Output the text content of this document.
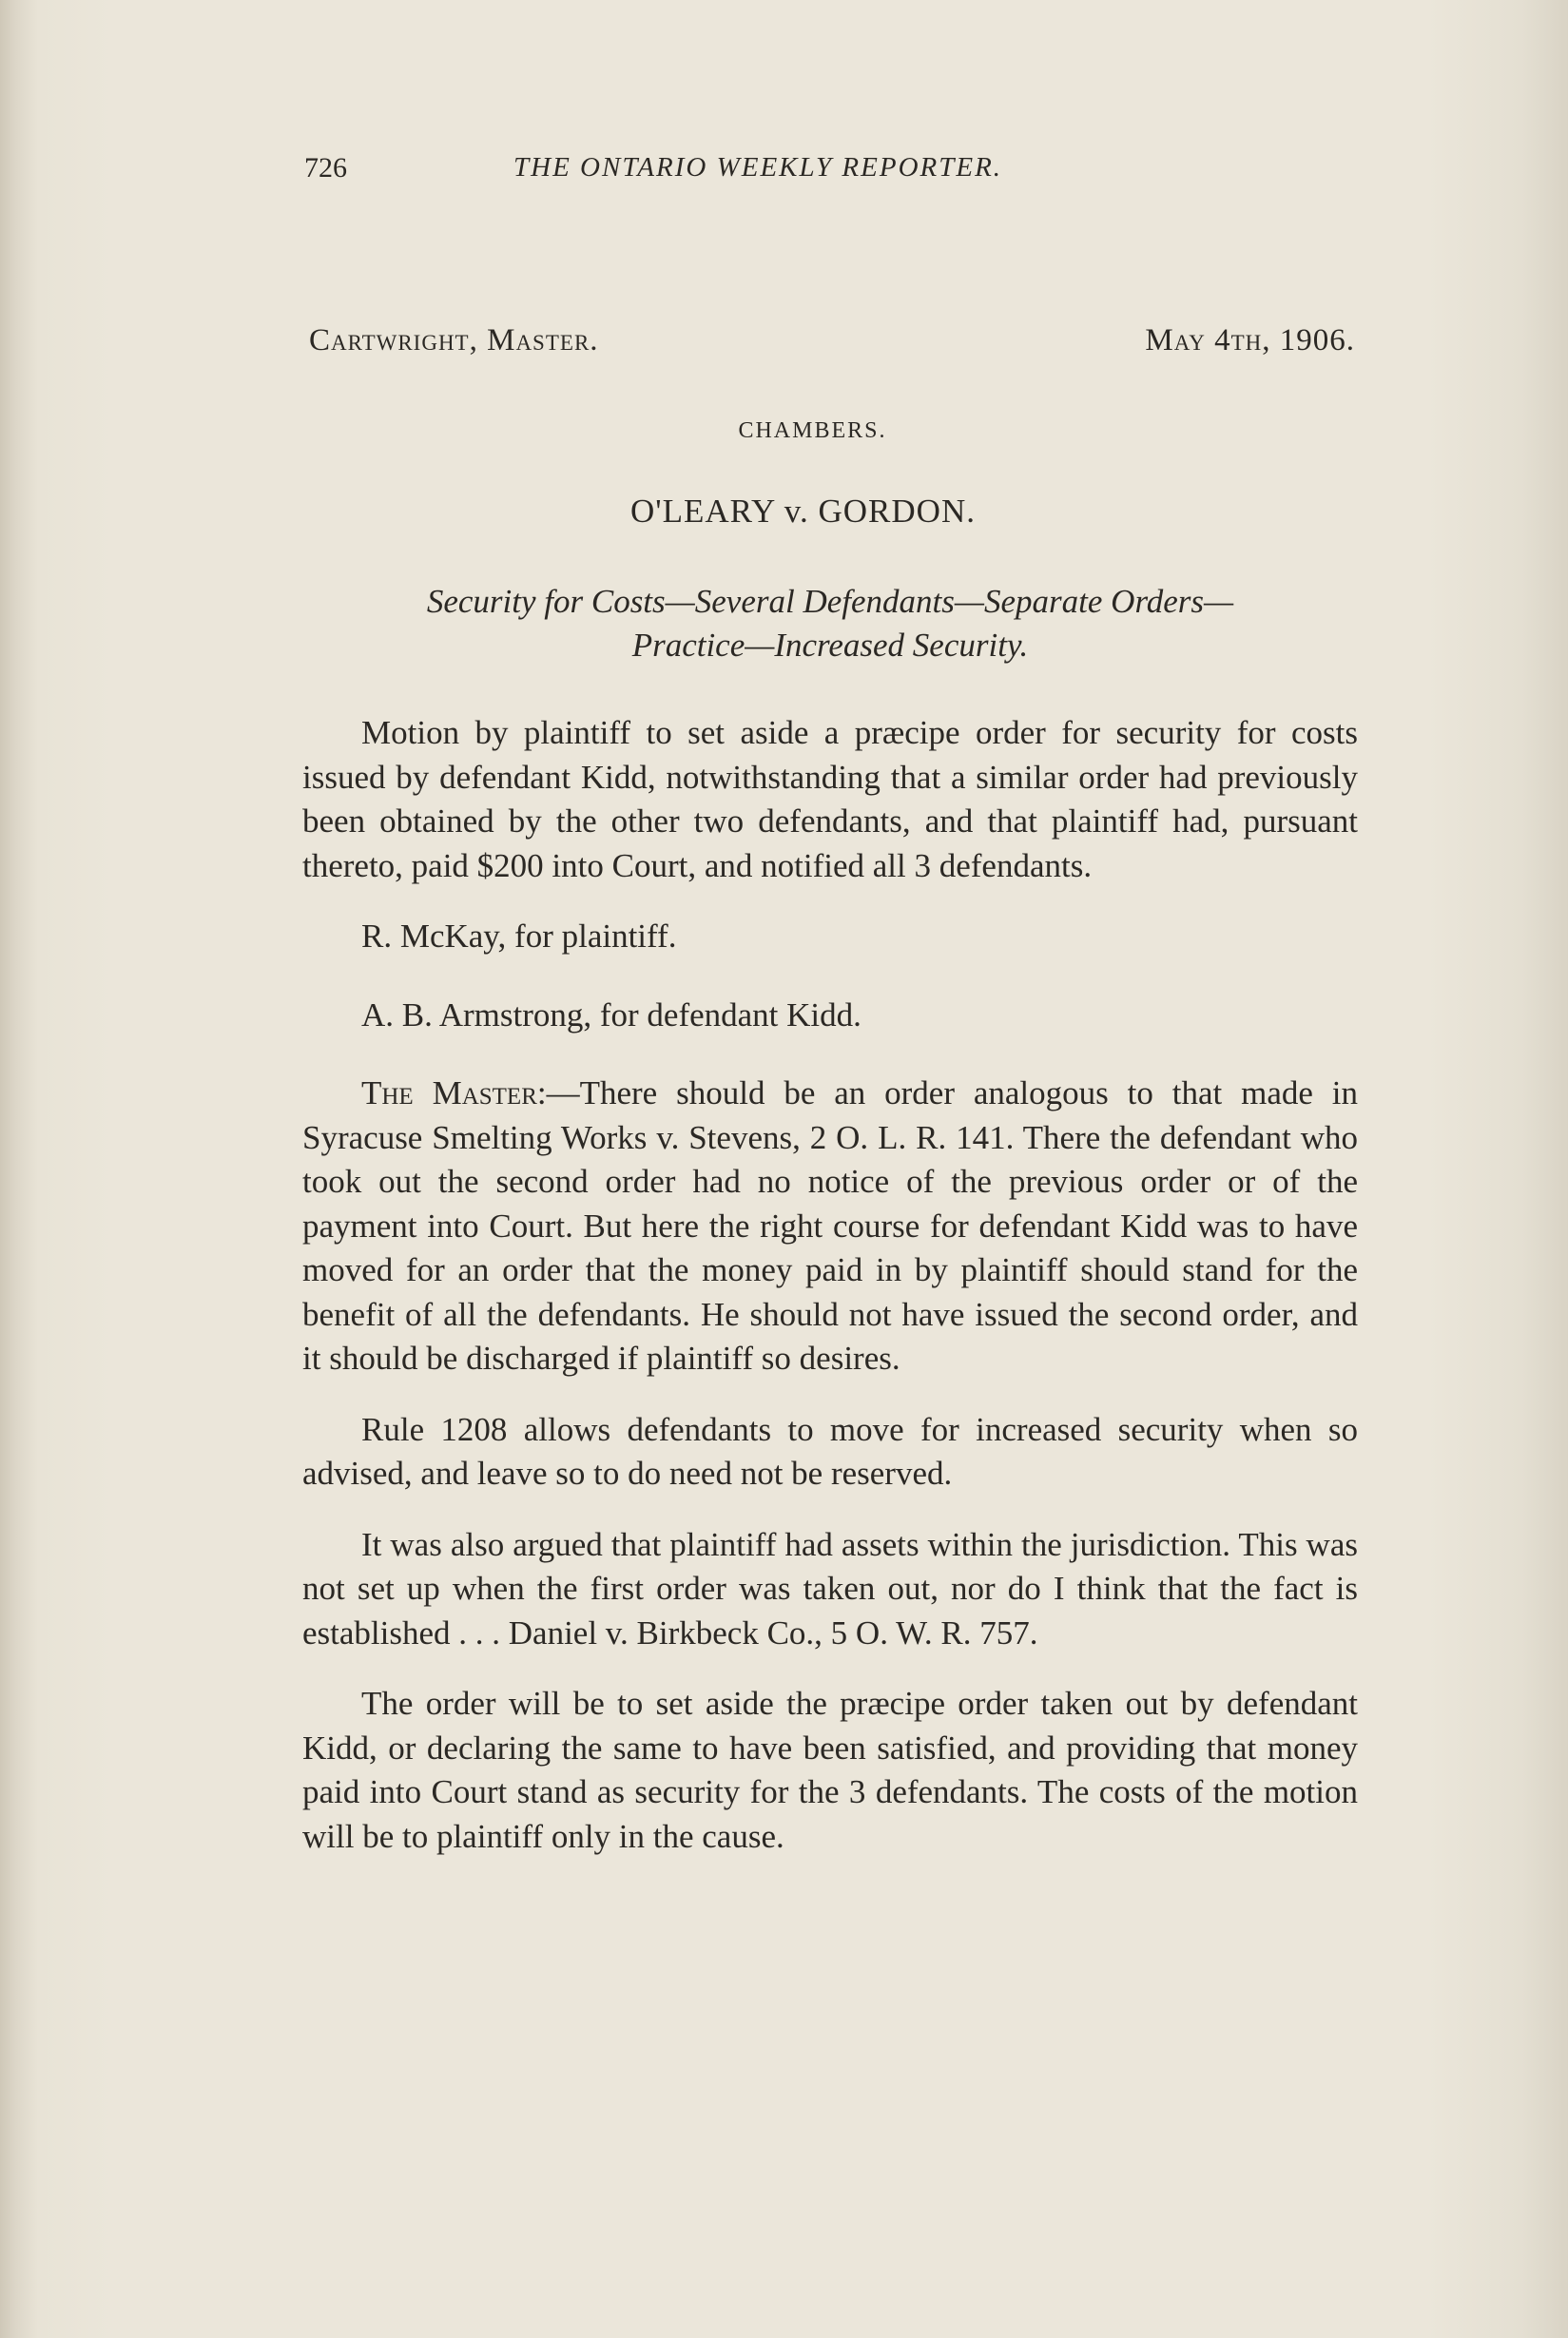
726	THE ONTARIO WEEKLY REPORTER.
Cartwright, Master.	May 4th, 1906.
CHAMBERS.
O'LEARY v. GORDON.
Security for Costs—Several Defendants—Separate Orders—
Practice—Increased Security.

Motion by plaintiff to set aside a præcipe order for security for costs issued by defendant Kidd, notwithstanding that a similar order had previously been obtained by the other two defendants, and that plaintiff had, pursuant thereto, paid $200 into Court, and notified all 3 defendants.

R. McKay, for plaintiff.

A. B. Armstrong, for defendant Kidd.

The Master:—There should be an order analogous to that made in Syracuse Smelting Works v. Stevens, 2 O. L. R. 141. There the defendant who took out the second order had no notice of the previous order or of the payment into Court. But here the right course for defendant Kidd was to have moved for an order that the money paid in by plaintiff should stand for the benefit of all the defendants. He should not have issued the second order, and it should be discharged if plaintiff so desires.

Rule 1208 allows defendants to move for increased security when so advised, and leave so to do need not be reserved.

It was also argued that plaintiff had assets within the jurisdiction. This was not set up when the first order was taken out, nor do I think that the fact is established . . . Daniel v. Birkbeck Co., 5 O. W. R. 757.

The order will be to set aside the præcipe order taken out by defendant Kidd, or declaring the same to have been satisfied, and providing that money paid into Court stand as security for the 3 defendants. The costs of the motion will be to plaintiff only in the cause.
